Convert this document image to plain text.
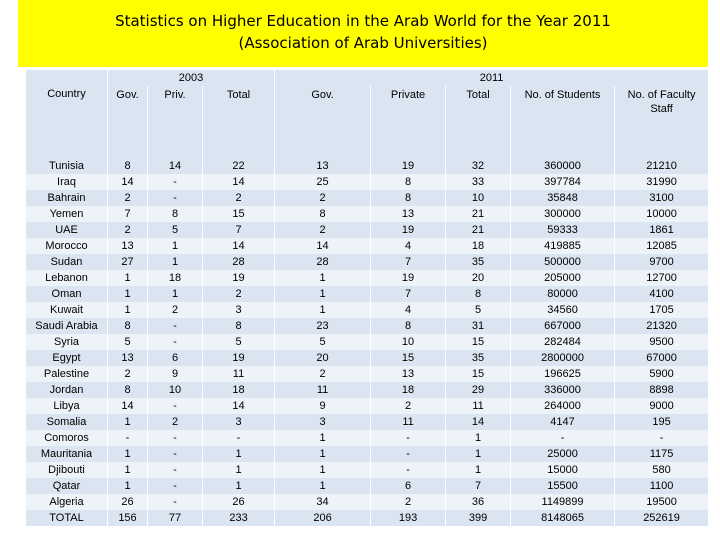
Statistics on Higher Education in the Arab World for the Year 2011
(Association of Arab Universities)
Country	2003			2011				
	Gov.	Priv.	Total	Gov.	Private	Total	No. of Students	No. of Faculty Staff
Tunisia	8	14	22	13	19	32	360000	21210
Iraq	14	-	14	25	8	33	397784	31990
Bahrain	2	-	2	2	8	10	35848	3100
Yemen	7	8	15	8	13	21	300000	10000
UAE	2	5	7	2	19	21	59333	1861
Morocco	13	1	14	14	4	18	419885	12085
Sudan	27	1	28	28	7	35	500000	9700
Lebanon	1	18	19	1	19	20	205000	12700
Oman	1	1	2	1	7	8	80000	4100
Kuwait	1	2	3	1	4	5	34560	1705
Saudi Arabia	8	-	8	23	8	31	667000	21320
Syria	5	-	5	5	10	15	282484	9500
Egypt	13	6	19	20	15	35	2800000	67000
Palestine	2	9	11	2	13	15	196625	5900
Jordan	8	10	18	11	18	29	336000	8898
Libya	14	-	14	9	2	11	264000	9000
Somalia	1	2	3	3	11	14	4147	195
Comoros	-	-	-	1	-	1	-	-
Mauritania	1	-	1	1	-	1	25000	1175
Djibouti	1	-	1	1	-	1	15000	580
Qatar	1	-	1	1	6	7	15500	1100
Algeria	26	-	26	34	2	36	1149899	19500
TOTAL	156	77	233	206	193	399	8148065	252619
